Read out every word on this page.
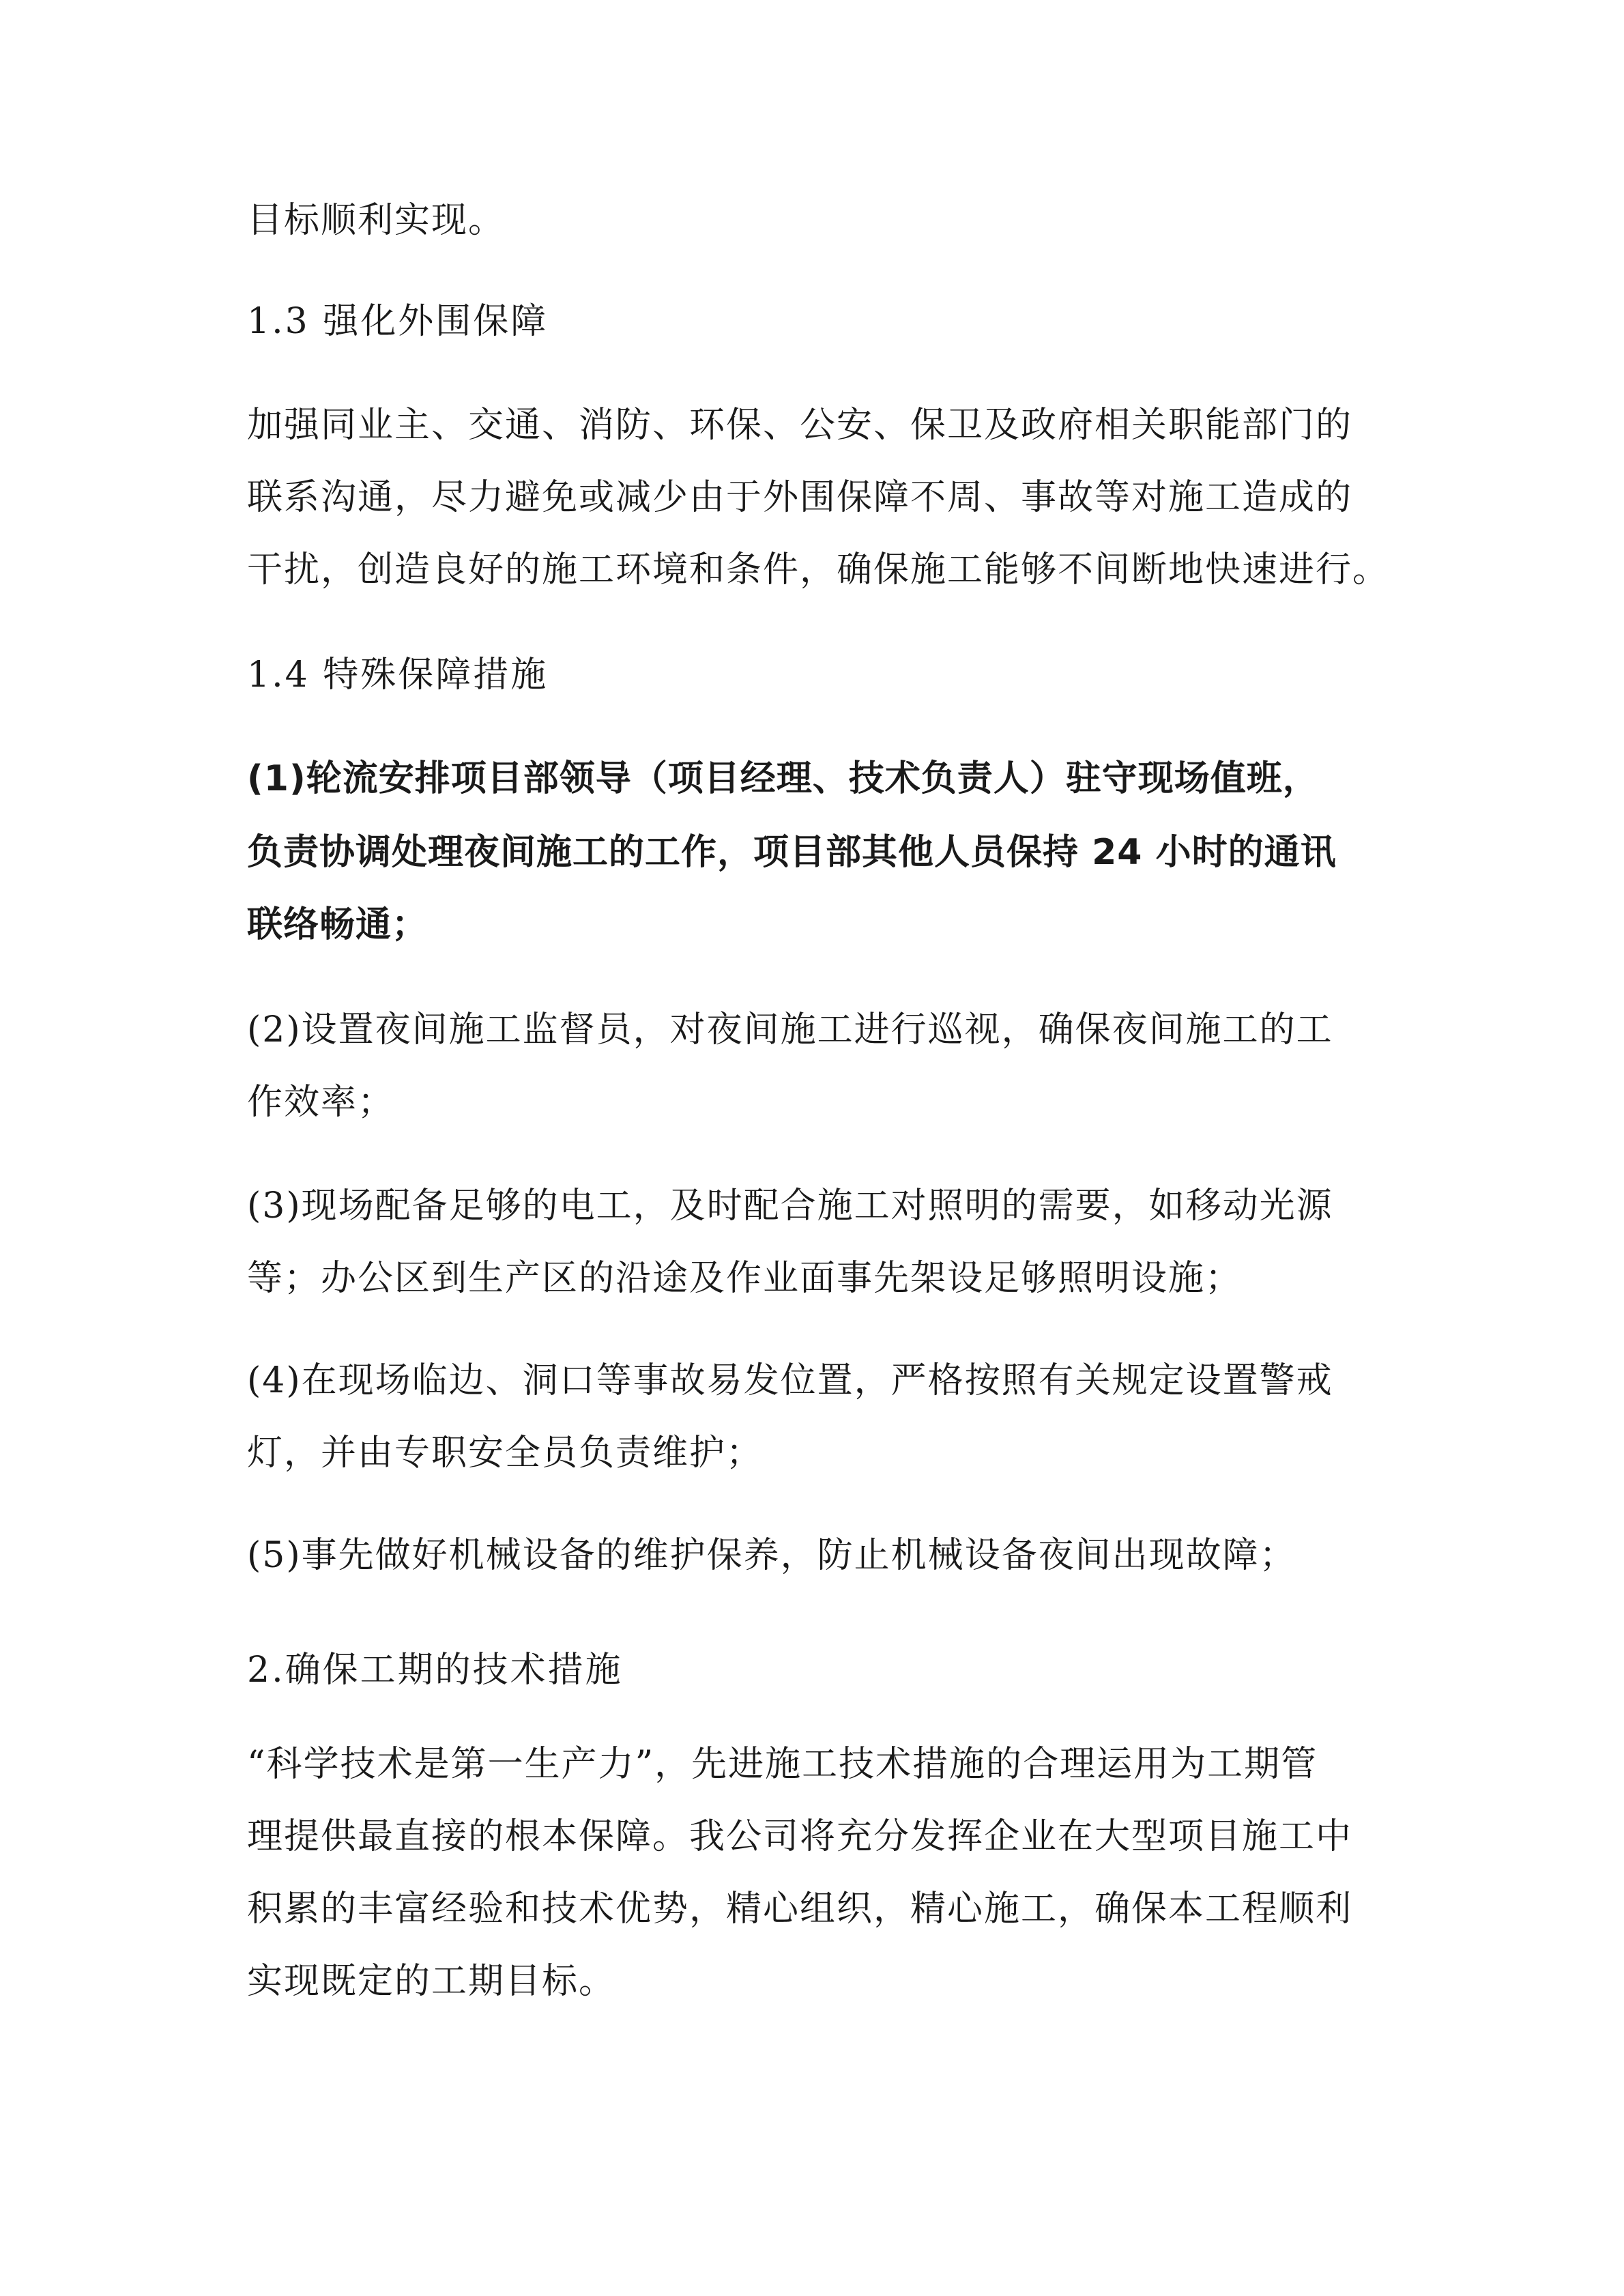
目标顺利实现。
1.3 强化外围保障
加强同业主、交通、消防、环保、公安、保卫及政府相关职能部门的
联系沟通，尽力避免或减少由于外围保障不周、事故等对施工造成的
干扰，创造良好的施工环境和条件，确保施工能够不间断地快速进行。
1.4 特殊保障措施
(1)轮流安排项目部领导（项目经理、技术负责人）驻守现场值班，
负责协调处理夜间施工的工作，项目部其他人员保持 24 小时的通讯
联络畅通；
(2)设置夜间施工监督员，对夜间施工进行巡视，确保夜间施工的工
作效率；
(3)现场配备足够的电工，及时配合施工对照明的需要，如移动光源
等；办公区到生产区的沿途及作业面事先架设足够照明设施；
(4)在现场临边、洞口等事故易发位置，严格按照有关规定设置警戒
灯，并由专职安全员负责维护；
(5)事先做好机械设备的维护保养，防止机械设备夜间出现故障；
2.确保工期的技术措施
“科学技术是第一生产力”，先进施工技术措施的合理运用为工期管
理提供最直接的根本保障。我公司将充分发挥企业在大型项目施工中
积累的丰富经验和技术优势，精心组织，精心施工，确保本工程顺利
实现既定的工期目标。
